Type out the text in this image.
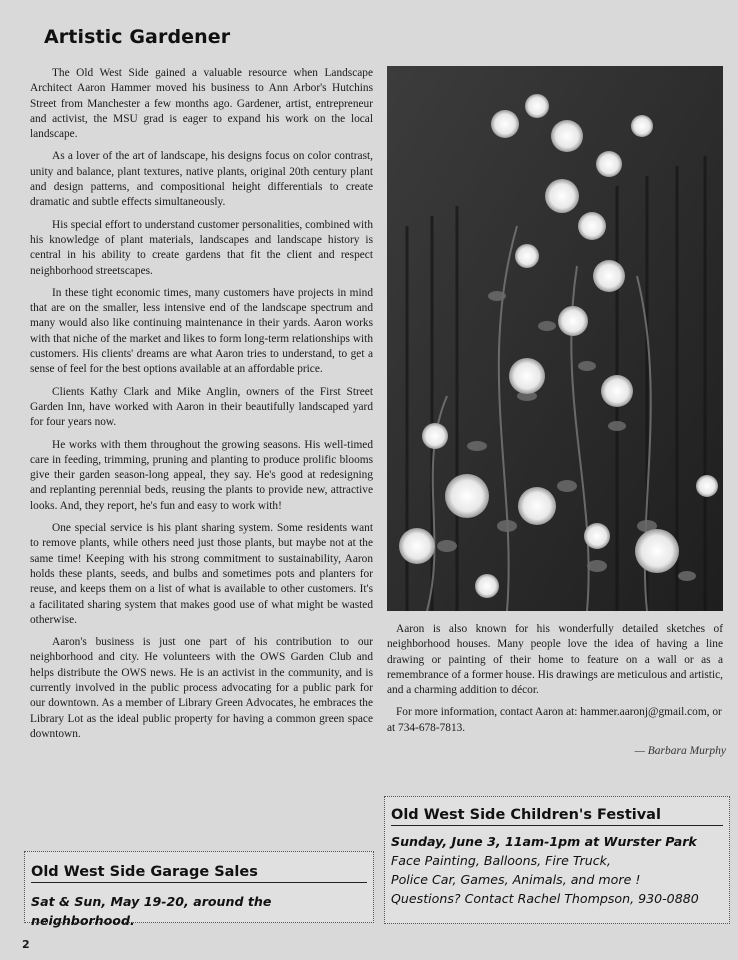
Artistic Gardener

The Old West Side gained a valuable resource when Landscape Architect Aaron Hammer moved his business to Ann Arbor's Hutchins Street from Manchester a few months ago. Gardener, artist, entrepreneur and activist, the MSU grad is eager to expand his work on the local landscape.

As a lover of the art of landscape, his designs focus on color contrast, unity and balance, plant textures, native plants, original 20th century plant and design patterns, and compositional height differentials to create dramatic and subtle effects simultaneously.

His special effort to understand customer personalities, combined with his knowledge of plant materials, landscapes and landscape history is central in his ability to create gardens that fit the client and respect neighborhood streetscapes.

In these tight economic times, many customers have projects in mind that are on the smaller, less intensive end of the landscape spectrum and many would also like continuing maintenance in their yards. Aaron works with that niche of the market and likes to form long-term relationships with customers. His clients' dreams are what Aaron tries to understand, to get a sense of feel for the best options available at an affordable price.

Clients Kathy Clark and Mike Anglin, owners of the First Street Garden Inn, have worked with Aaron in their beautifully landscaped yard for four years now.

He works with them throughout the growing seasons. His well-timed care in feeding, trimming, pruning and planting to produce prolific blooms give their garden season-long appeal, they say. He's good at redesigning and replanting perennial beds, reusing the plants to provide new, attractive looks. And, they report, he's fun and easy to work with!

One special service is his plant sharing system. Some residents want to remove plants, while others need just those plants, but maybe not at the same time! Keeping with his strong commitment to sustainability, Aaron holds these plants, seeds, and bulbs and sometimes pots and planters for reuse, and keeps them on a list of what is available to other customers. It's a facilitated sharing system that makes good use of what might be wasted otherwise.

Aaron's business is just one part of his contribution to our neighborhood and city. He volunteers with the OWS Garden Club and helps distribute the OWS news. He is an activist in the community, and is currently involved in the public process advocating for a public park for our downtown. As a member of Library Green Advocates, he embraces the Library Lot as the ideal public property for having a common green space downtown.

Aaron is also known for his wonderfully detailed sketches of neighborhood houses. Many people love the idea of having a line drawing or painting of their home to feature on a wall or as a remembrance of a former house. His drawings are meticulous and artistic, and a charming addition to décor.

For more information, contact Aaron at: hammer.aaronj@gmail.com, or at 734-678-7813.

— Barbara Murphy
Old West Side Children's Festival
Sunday, June 3, 11am-1pm at Wurster Park
Face Painting, Balloons, Fire Truck,
Police Car, Games, Animals, and more !
Questions? Contact Rachel Thompson, 930-0880
Old West Side Garage Sales
Sat & Sun, May 19-20, around the neighborhood.
2
